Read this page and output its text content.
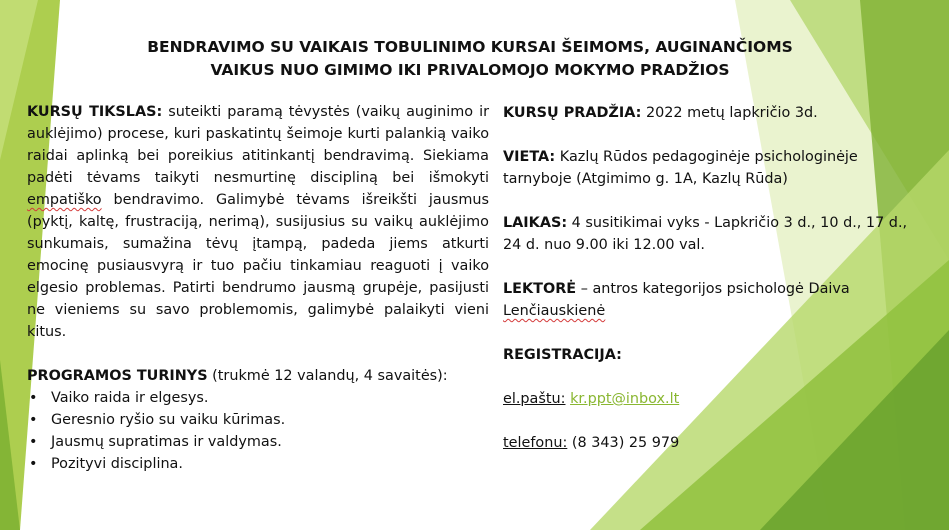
BENDRAVIMO SU VAIKAIS TOBULINIMO KURSAI ŠEIMOMS, AUGINANČIOMS
VAIKUS NUO GIMIMO IKI PRIVALOMOJO MOKYMO PRADŽIOS

KURSŲ TIKSLAS: suteikti paramą tėvystės (vaikų auginimo ir auklėjimo) procese, kuri paskatintų šeimoje kurti palankią vaiko raidai aplinką bei poreikius atitinkantį bendravimą. Siekiama padėti tėvams taikyti nesmurtinę discipliną bei išmokyti empatiško bendravimo. Galimybė tėvams išreikšti jausmus (pyktį, kaltę, frustraciją, nerimą), susijusius su vaikų auklėjimo sunkumais, sumažina tėvų įtampą, padeda jiems atkurti emocinę pusiausvyrą ir tuo pačiu tinkamiau reaguoti į vaiko elgesio problemas. Patirti bendrumo jausmą grupėje, pasijusti ne vieniems su savo problemomis, galimybė palaikyti vieni kitus.

PROGRAMOS TURINYS (trukmė 12 valandų, 4 savaitės):

• Vaiko raida ir elgesys.
• Geresnio ryšio su vaiku kūrimas.
• Jausmų supratimas ir valdymas.
• Pozityvi disciplina.

KURSŲ PRADŽIA: 2022 metų lapkričio 3d.

VIETA: Kazlų Rūdos pedagoginėje psichologinėje tarnyboje (Atgimimo g. 1A, Kazlų Rūda)

LAIKAS: 4 susitikimai vyks - Lapkričio 3 d., 10 d., 17 d., 24 d. nuo 9.00 iki 12.00 val.

LEKTORĖ – antros kategorijos psichologė Daiva Lenčiauskienė

REGISTRACIJA:

el.paštu: kr.ppt@inbox.lt

telefonu: (8 343) 25 979
